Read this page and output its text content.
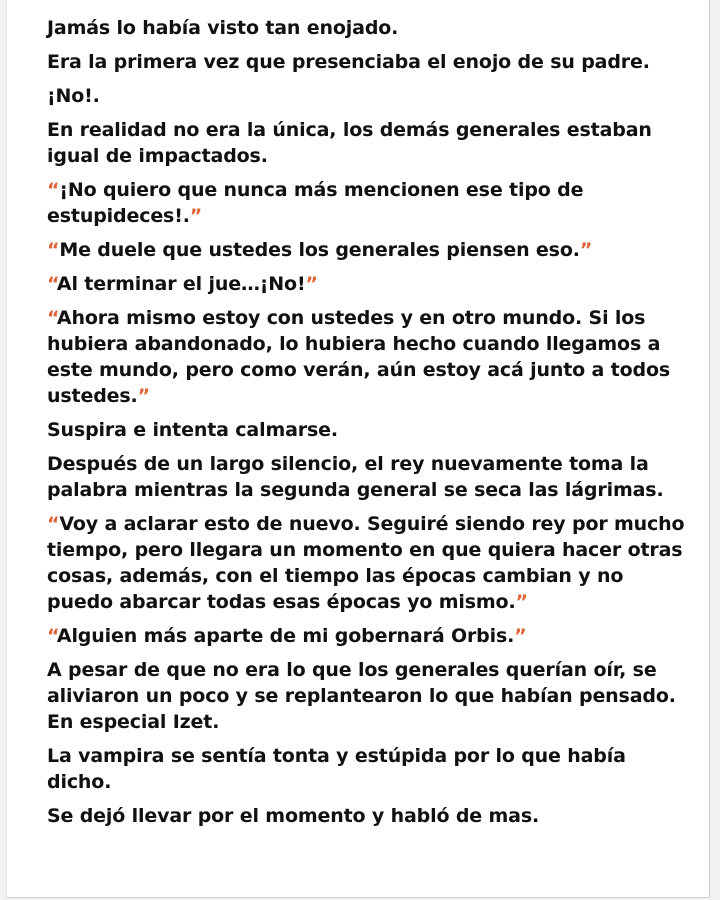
Jamás lo había visto tan enojado.

Era la primera vez que presenciaba el enojo de su padre.

¡No!.

En realidad no era la única, los demás generales estaban igual de impactados.

“¡No quiero que nunca más mencionen ese tipo de estupideces!.”

“Me duele que ustedes los generales piensen eso.”

“Al terminar el jue…¡No!”

“Ahora mismo estoy con ustedes y en otro mundo. Si los hubiera abandonado, lo hubiera hecho cuando llegamos a este mundo, pero como verán, aún estoy acá junto a todos ustedes.”

Suspira e intenta calmarse.

Después de un largo silencio, el rey nuevamente toma la palabra mientras la segunda general se seca las lágrimas.

“Voy a aclarar esto de nuevo. Seguiré siendo rey por mucho tiempo, pero llegara un momento en que quiera hacer otras cosas, además, con el tiempo las épocas cambian y no puedo abarcar todas esas épocas yo mismo.”

“Alguien más aparte de mi gobernará Orbis.”

A pesar de que no era lo que los generales querían oír, se aliviaron un poco y se replantearon lo que habían pensado. En especial Izet.

La vampira se sentía tonta y estúpida por lo que había dicho.

Se dejó llevar por el momento y habló de mas.
